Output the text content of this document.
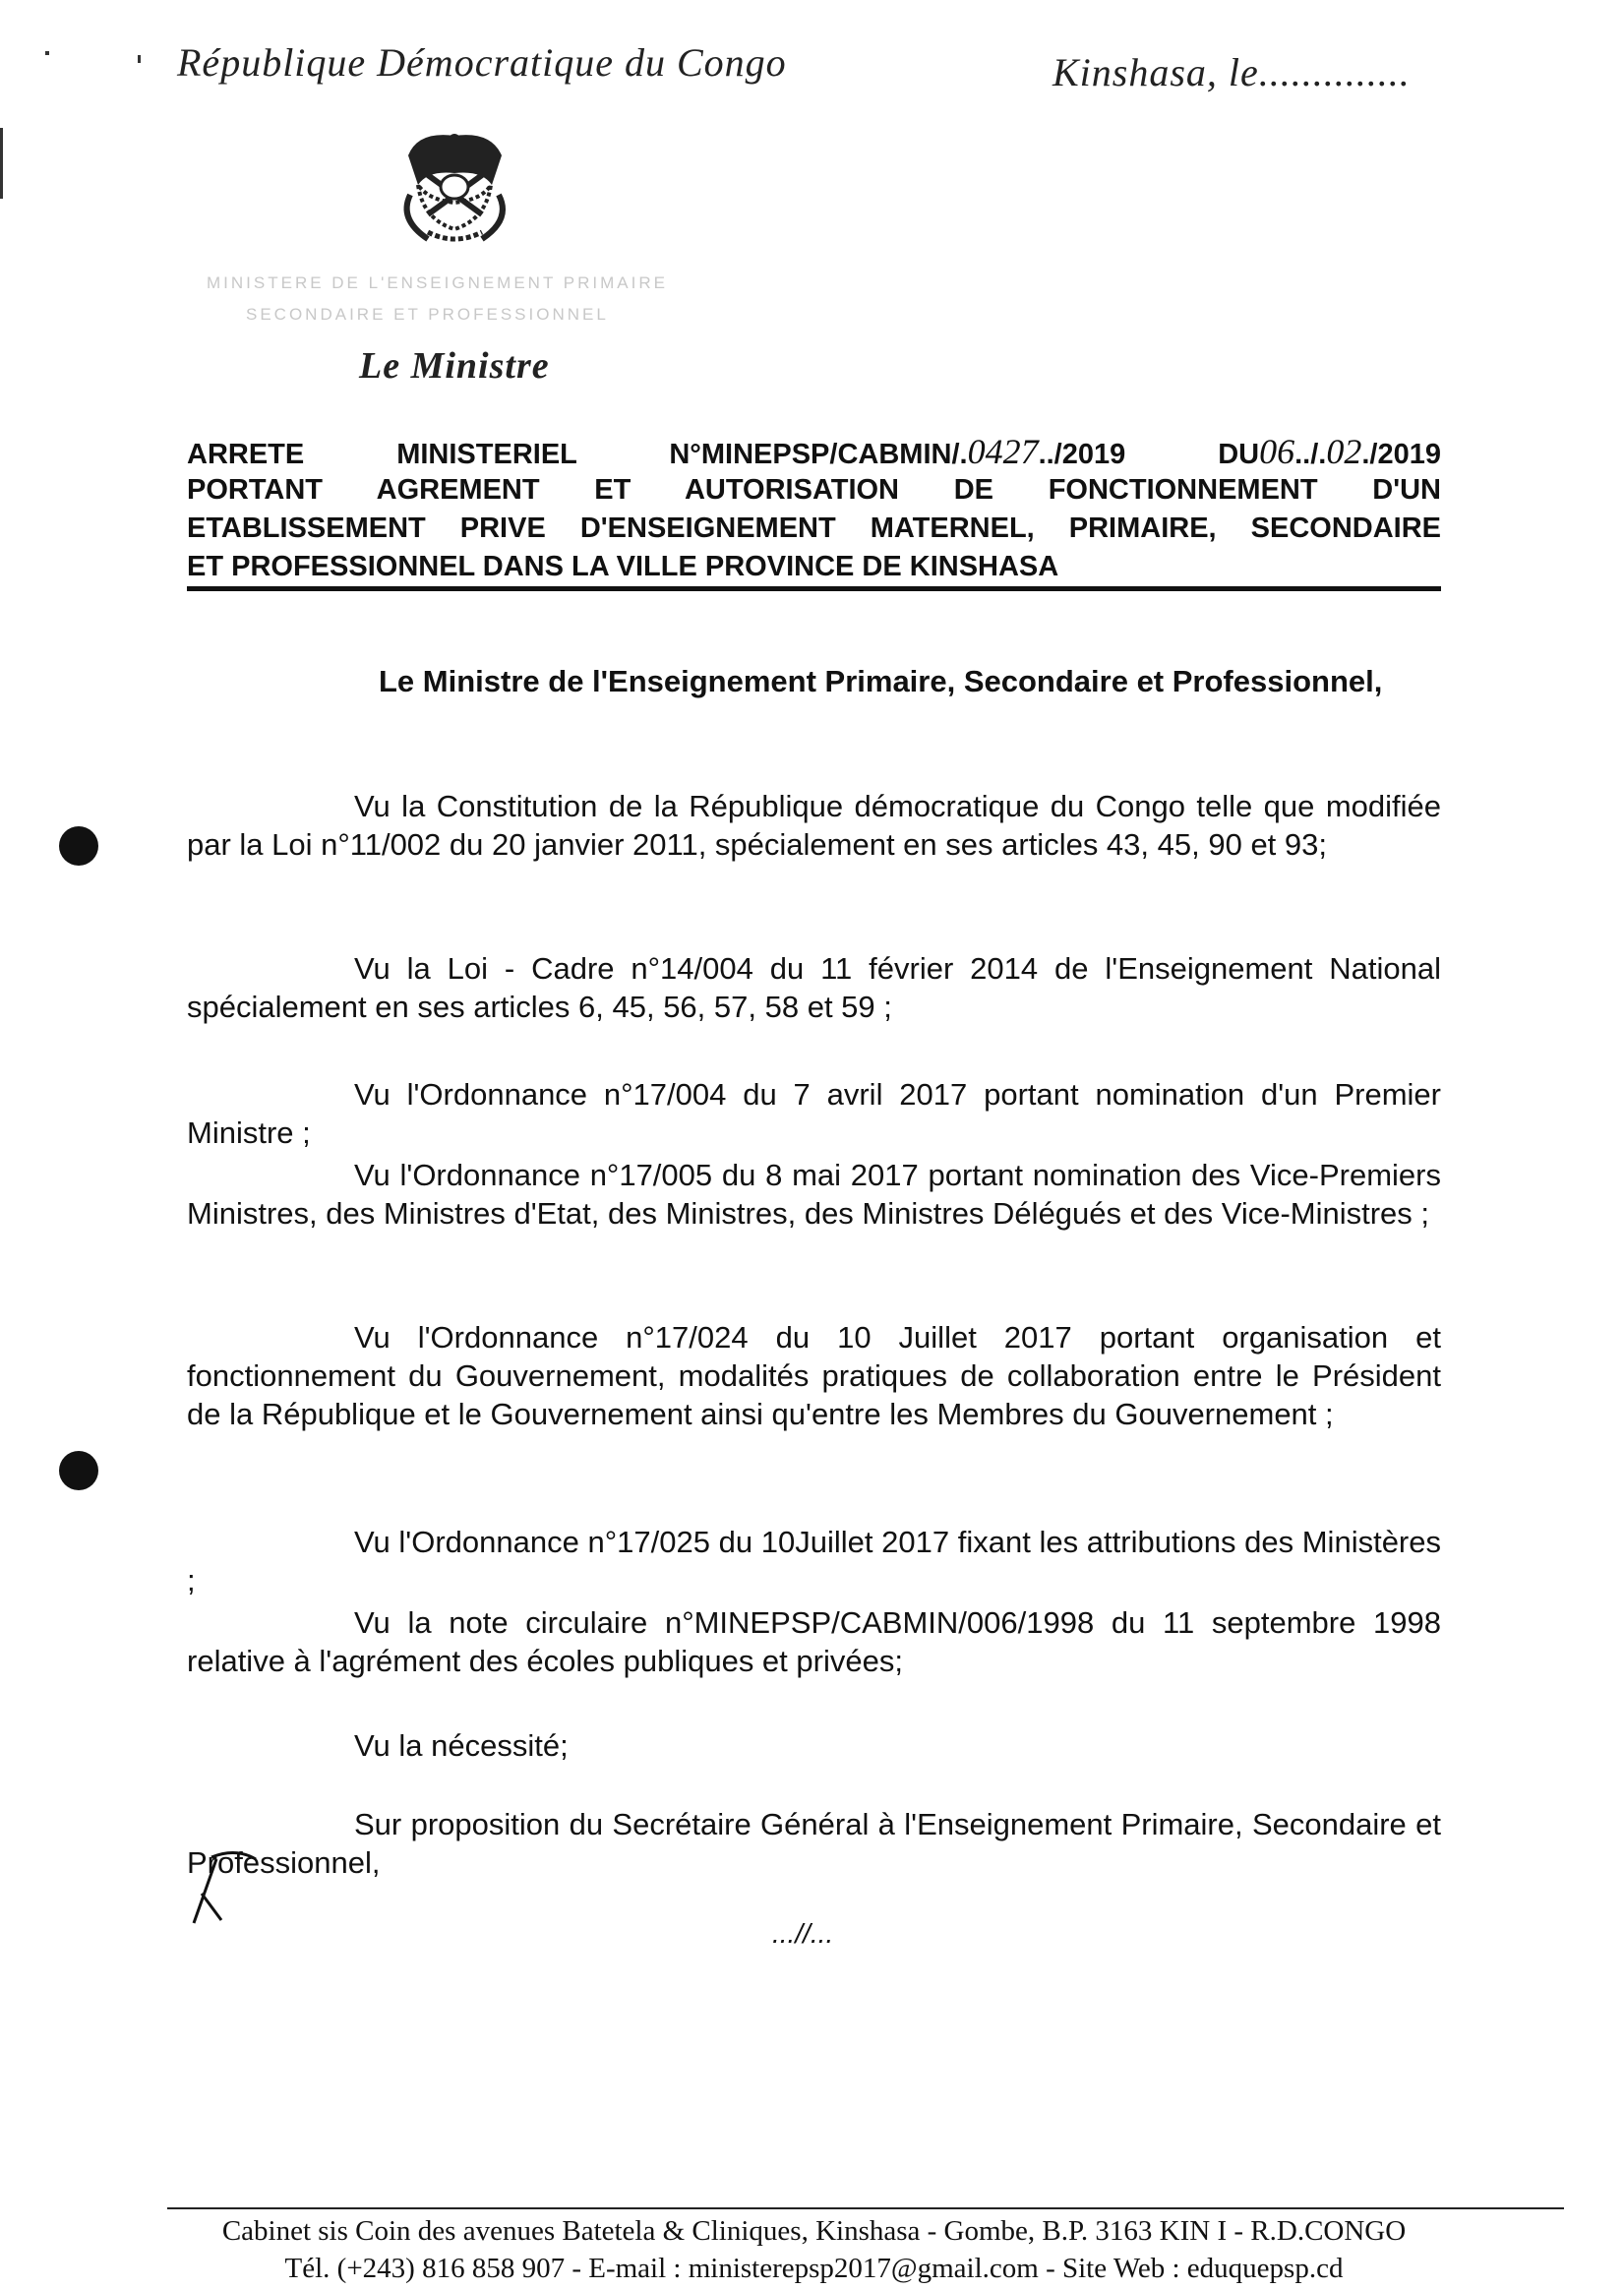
République Démocratique du Congo	Kinshasa, le..............
MINISTERE DE L'ENSEIGNEMENT PRIMAIRE
SECONDAIRE ET PROFESSIONNEL
Le Ministre
ARRETE	MINISTERIEL	N°MINEPSP/CABMIN/.0427../2019	DU06../.02./2019
PORTANT AGREMENT ET AUTORISATION DE FONCTIONNEMENT D'UN
ETABLISSEMENT PRIVE D'ENSEIGNEMENT MATERNEL, PRIMAIRE, SECONDAIRE
ET PROFESSIONNEL DANS LA VILLE PROVINCE DE KINSHASA
Le Ministre de l'Enseignement Primaire, Secondaire et Professionnel,
Vu la Constitution de la République démocratique du Congo telle que modifiée par la Loi n°11/002 du 20 janvier 2011, spécialement en ses articles 43, 45, 90 et 93;
Vu la Loi - Cadre n°14/004 du 11 février 2014 de l'Enseignement National spécialement en ses articles 6, 45, 56, 57, 58 et 59 ;
Vu l'Ordonnance n°17/004 du 7 avril 2017 portant nomination d'un Premier Ministre ;
Vu l'Ordonnance n°17/005 du 8 mai 2017 portant nomination des Vice-Premiers Ministres, des Ministres d'Etat, des Ministres, des Ministres Délégués et des Vice-Ministres ;
Vu l'Ordonnance n°17/024 du 10 Juillet 2017 portant organisation et fonctionnement du Gouvernement, modalités pratiques de collaboration entre le Président de la République et le Gouvernement ainsi qu'entre les Membres du Gouvernement ;
Vu l'Ordonnance n°17/025 du 10Juillet 2017 fixant les attributions des Ministères ;
Vu la note circulaire n°MINEPSP/CABMIN/006/1998 du 11 septembre 1998 relative à l'agrément des écoles publiques et privées;
Vu la nécessité;
Sur proposition du Secrétaire Général à l'Enseignement Primaire, Secondaire et Professionnel,
...//...
Cabinet sis Coin des avenues Batetela & Cliniques, Kinshasa - Gombe, B.P. 3163 KIN I - R.D.CONGO
Tél. (+243) 816 858 907 - E-mail : ministerepsp2017@gmail.com - Site Web : eduquepsp.cd
